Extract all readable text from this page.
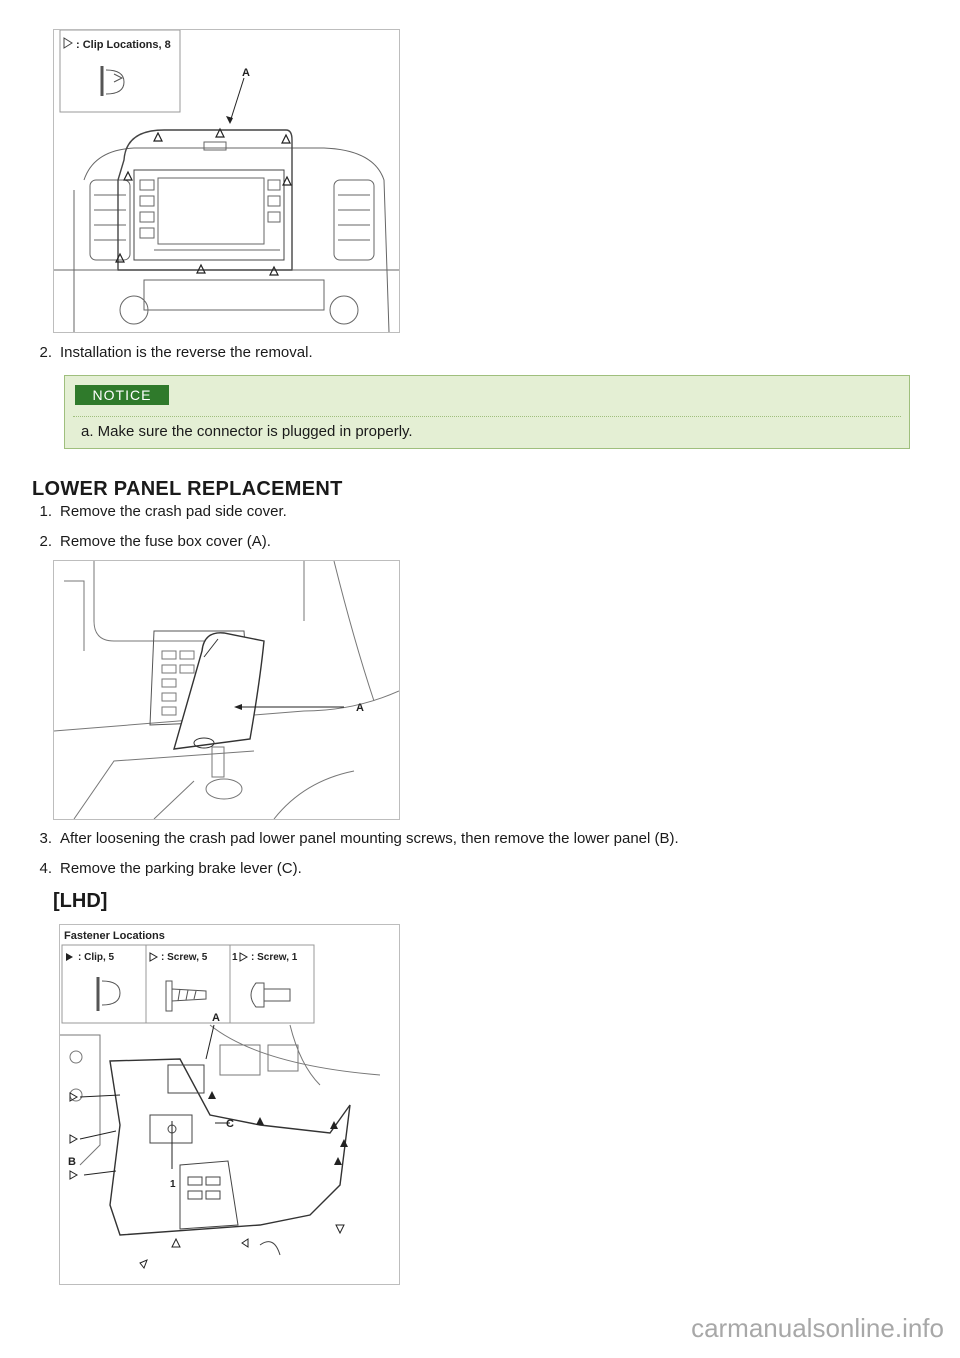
A
: Clip Locations, 8
2. Installation is the reverse the removal.
NOTICE
a. Make sure the connector is plugged in properly.
LOWER PANEL REPLACEMENT
1. Remove the crash pad side cover.
2. Remove the fuse box cover (A).
A
3. After loosening the crash pad lower panel mounting screws, then remove the lower panel (B).
4. Remove the parking brake lever (C).
[LHD]
Fastener Locations
: Clip, 5	: Screw, 5 1 : Screw, 1
A
B
C
1
carmanualsonline.info
